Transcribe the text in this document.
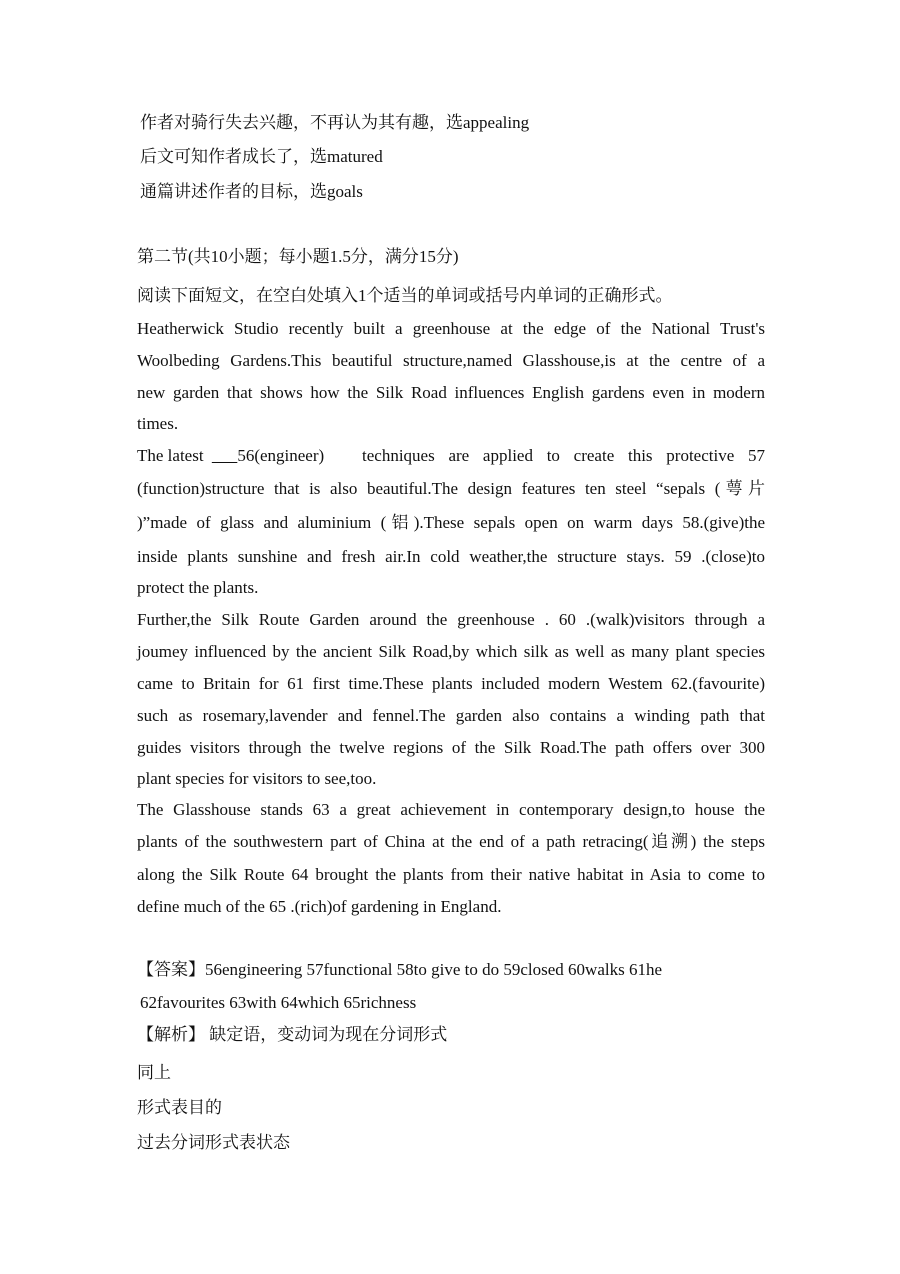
作者对骑行失去兴趣，不再认为其有趣，选appealing
后文可知作者成长了，选matured
通篇讲述作者的目标，选goals
第二节(共10小题；每小题1.5分，满分15分)
阅读下面短文，在空白处填入1个适当的单词或括号内单词的正确形式。
Heatherwick Studio recently built a greenhouse at the edge of the National Trust's
Woolbeding Gardens.This beautiful structure,named Glasshouse,is at the centre of a
new garden that shows how the Silk Road influences English gardens even in modern
times.
The latest 56(engineer) techniques are applied to create this protective 57
(function)structure that is also beautiful.The design features ten steel “sepals (萼片
)”made of glass and aluminium (铝).These sepals open on warm days 58.(give)the
inside plants sunshine and fresh air.In cold weather,the structure stays. 59 .(close)to
protect the plants.
Further,the Silk Route Garden around the greenhouse . 60 .(walk)visitors through a
joumey influenced by the ancient Silk Road,by which silk as well as many plant species
came to Britain for 61 first time.These plants included modern Westem 62.(favourite)
such as rosemary,lavender and fennel.The garden also contains a winding path that
guides visitors through the twelve regions of the Silk Road.The path offers over 300
plant species for visitors to see,too.
The Glasshouse stands 63 a great achievement in contemporary design,to house the
plants of the southwestern part of China at the end of a path retracing(追溯) the steps
along the Silk Route 64 brought the plants from their native habitat in Asia to come to
define much of the 65 .(rich)of gardening in England.
【答案】56engineering 57functional 58to give to do 59closed 60walks 61he
62favourites 63with 64which 65richness
【解析】 缺定语，变动词为现在分词形式
同上
形式表目的
过去分词形式表状态
